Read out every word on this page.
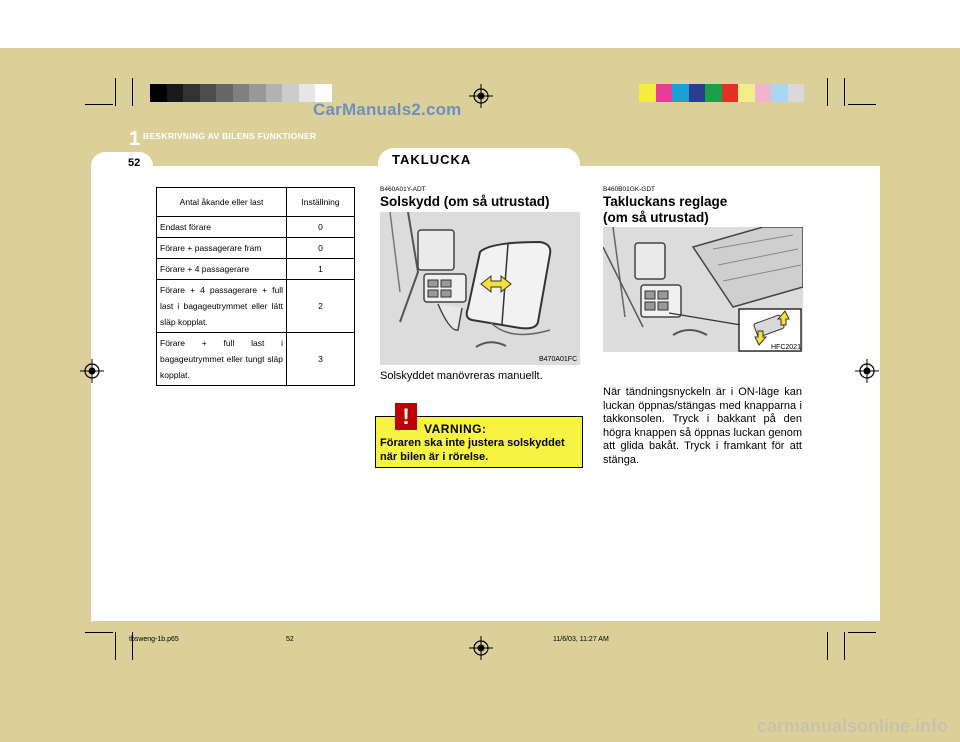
CarManuals2.com
1 BESKRIVNING AV BILENS FUNKTIONER
52	TAKLUCKA
Antal åkande eller last	Inställning
Endast förare	0
Förare + passagerare fram	0
Förare + 4 passagerare	1
Förare + 4 passagerare + full last i bagageutrymmet eller lätt släp kopplat.	2
Förare + full last i bagageutrymmet eller tungt släp kopplat.	3
B460A01Y-ADT
Solskydd (om så utrustad)
B470A01FC
Solskyddet manövreras manuellt.
!	VARNING:
Föraren ska inte justera solskyddet
när bilen är i rörelse.
B460B01GK-GDT
Takluckans reglage
(om så utrustad)
HFC2021
När tändningsnyckeln är i ON-läge kan luckan öppnas/stängas med knapparna i takkonsolen. Tryck i bakkant på den högra knappen så öppnas luckan genom att glida bakåt. Tryck i framkant för att stänga.
tbsweng-1b.p65	52	11/6/03, 11:27 AM
carmanualsonline.info
